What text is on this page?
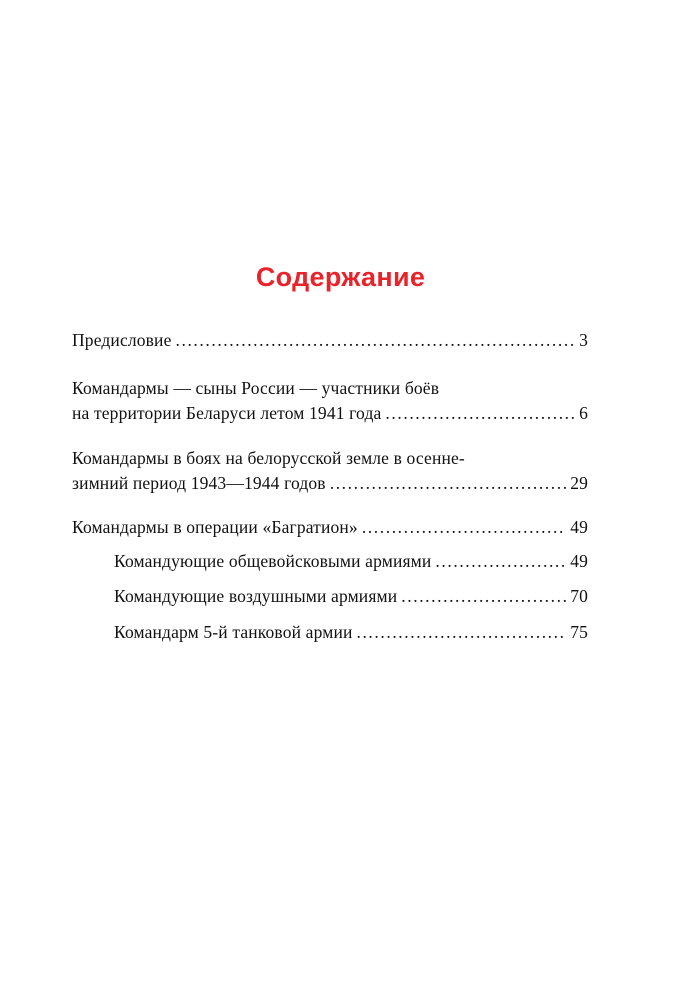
Содержание
Предисловие .....	3
Командармы — сыны России — участники боёв
на территории Беларуси летом 1941 года .....	6
Командармы в боях на белорусской земле в осенне-
зимний период 1943—1944 годов .....	29
Командармы в операции «Багратион» .....	49
Командующие общевойсковыми армиями .....	49
Командующие воздушными армиями .....	70
Командарм 5-й танковой армии .....	75
